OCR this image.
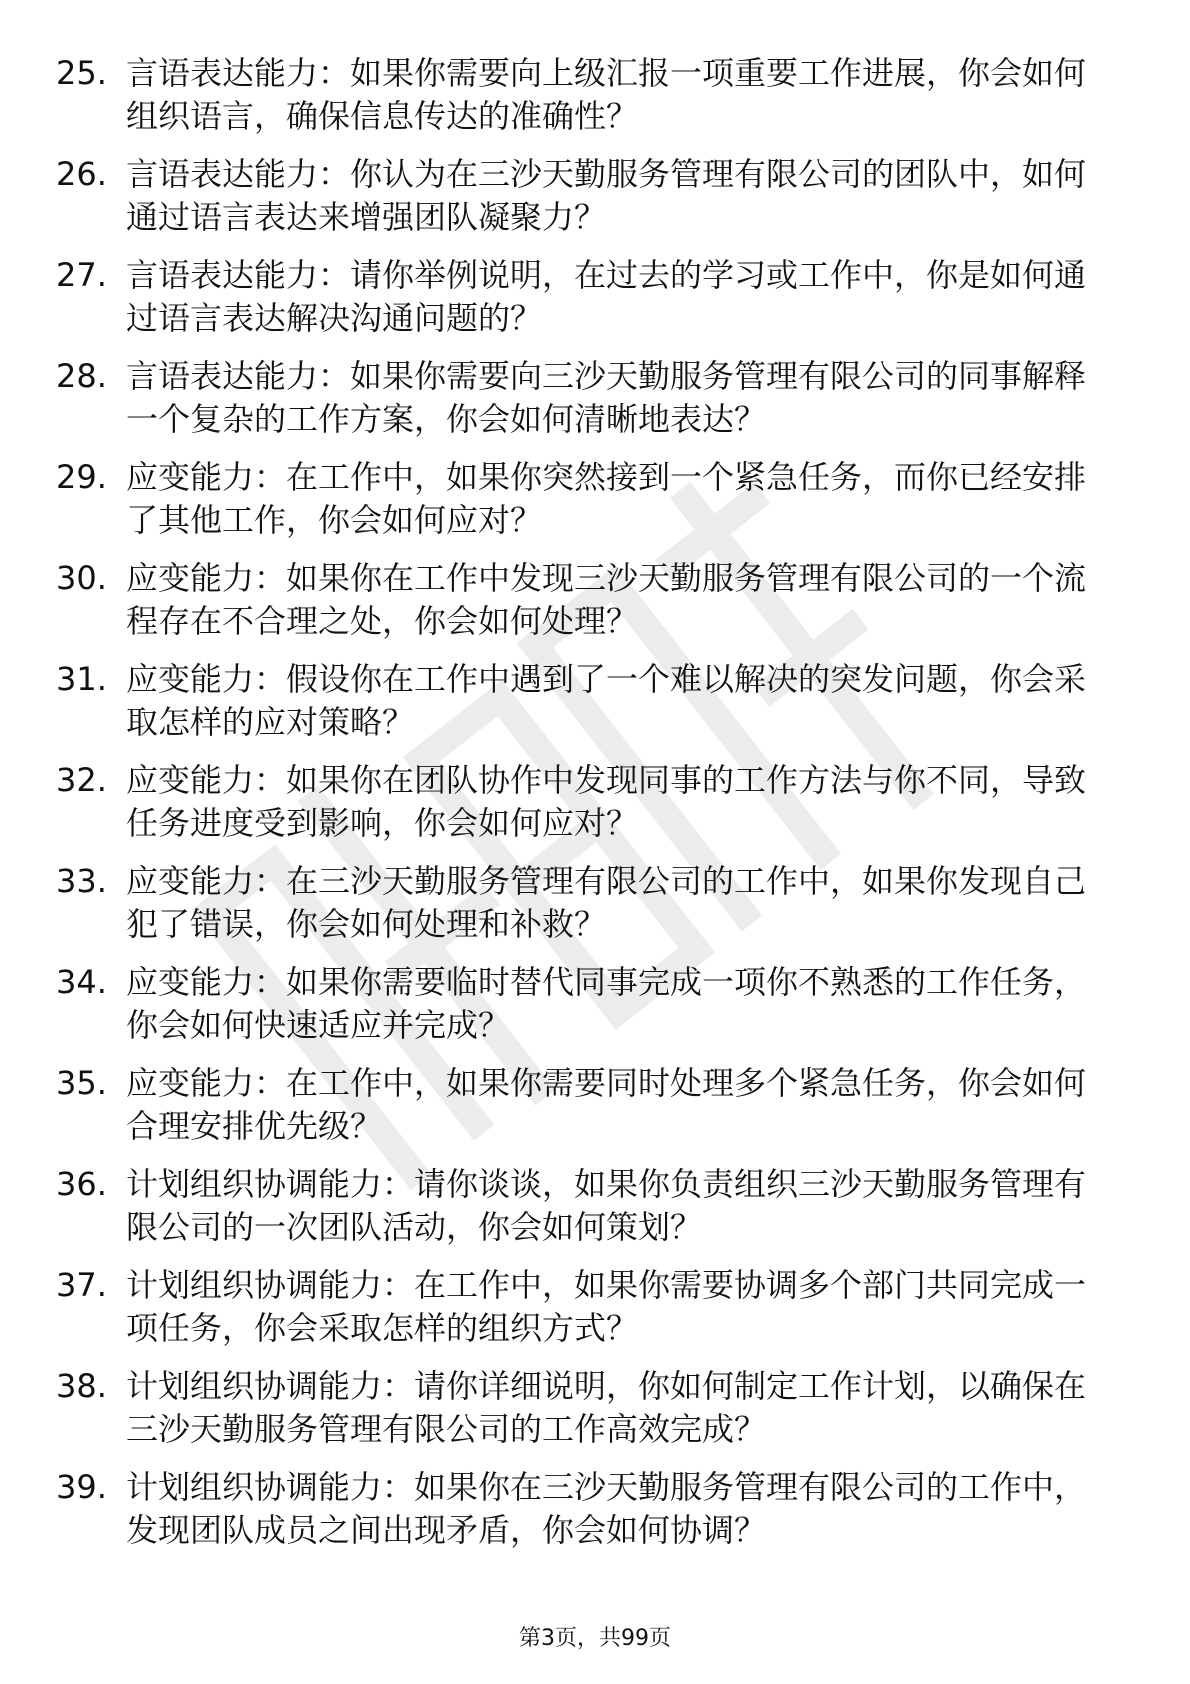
25. 言语表达能力：如果你需要向上级汇报一项重要工作进展，你会如何组织语言，确保信息传达的准确性？
26. 言语表达能力：你认为在三沙天勤服务管理有限公司的团队中，如何通过语言表达来增强团队凝聚力？
27. 言语表达能力：请你举例说明，在过去的学习或工作中，你是如何通过语言表达解决沟通问题的？
28. 言语表达能力：如果你需要向三沙天勤服务管理有限公司的同事解释一个复杂的工作方案，你会如何清晰地表达？
29. 应变能力：在工作中，如果你突然接到一个紧急任务，而你已经安排了其他工作，你会如何应对？
30. 应变能力：如果你在工作中发现三沙天勤服务管理有限公司的一个流程存在不合理之处，你会如何处理？
31. 应变能力：假设你在工作中遇到了一个难以解决的突发问题，你会采取怎样的应对策略？
32. 应变能力：如果你在团队协作中发现同事的工作方法与你不同，导致任务进度受到影响，你会如何应对？
33. 应变能力：在三沙天勤服务管理有限公司的工作中，如果你发现自己犯了错误，你会如何处理和补救？
34. 应变能力：如果你需要临时替代同事完成一项你不熟悉的工作任务，你会如何快速适应并完成？
35. 应变能力：在工作中，如果你需要同时处理多个紧急任务，你会如何合理安排优先级？
36. 计划组织协调能力：请你谈谈，如果你负责组织三沙天勤服务管理有限公司的一次团队活动，你会如何策划？
37. 计划组织协调能力：在工作中，如果你需要协调多个部门共同完成一项任务，你会采取怎样的组织方式？
38. 计划组织协调能力：请你详细说明，你如何制定工作计划，以确保在三沙天勤服务管理有限公司的工作高效完成？
39. 计划组织协调能力：如果你在三沙天勤服务管理有限公司的工作中，发现团队成员之间出现矛盾，你会如何协调？
第3页，共99页
